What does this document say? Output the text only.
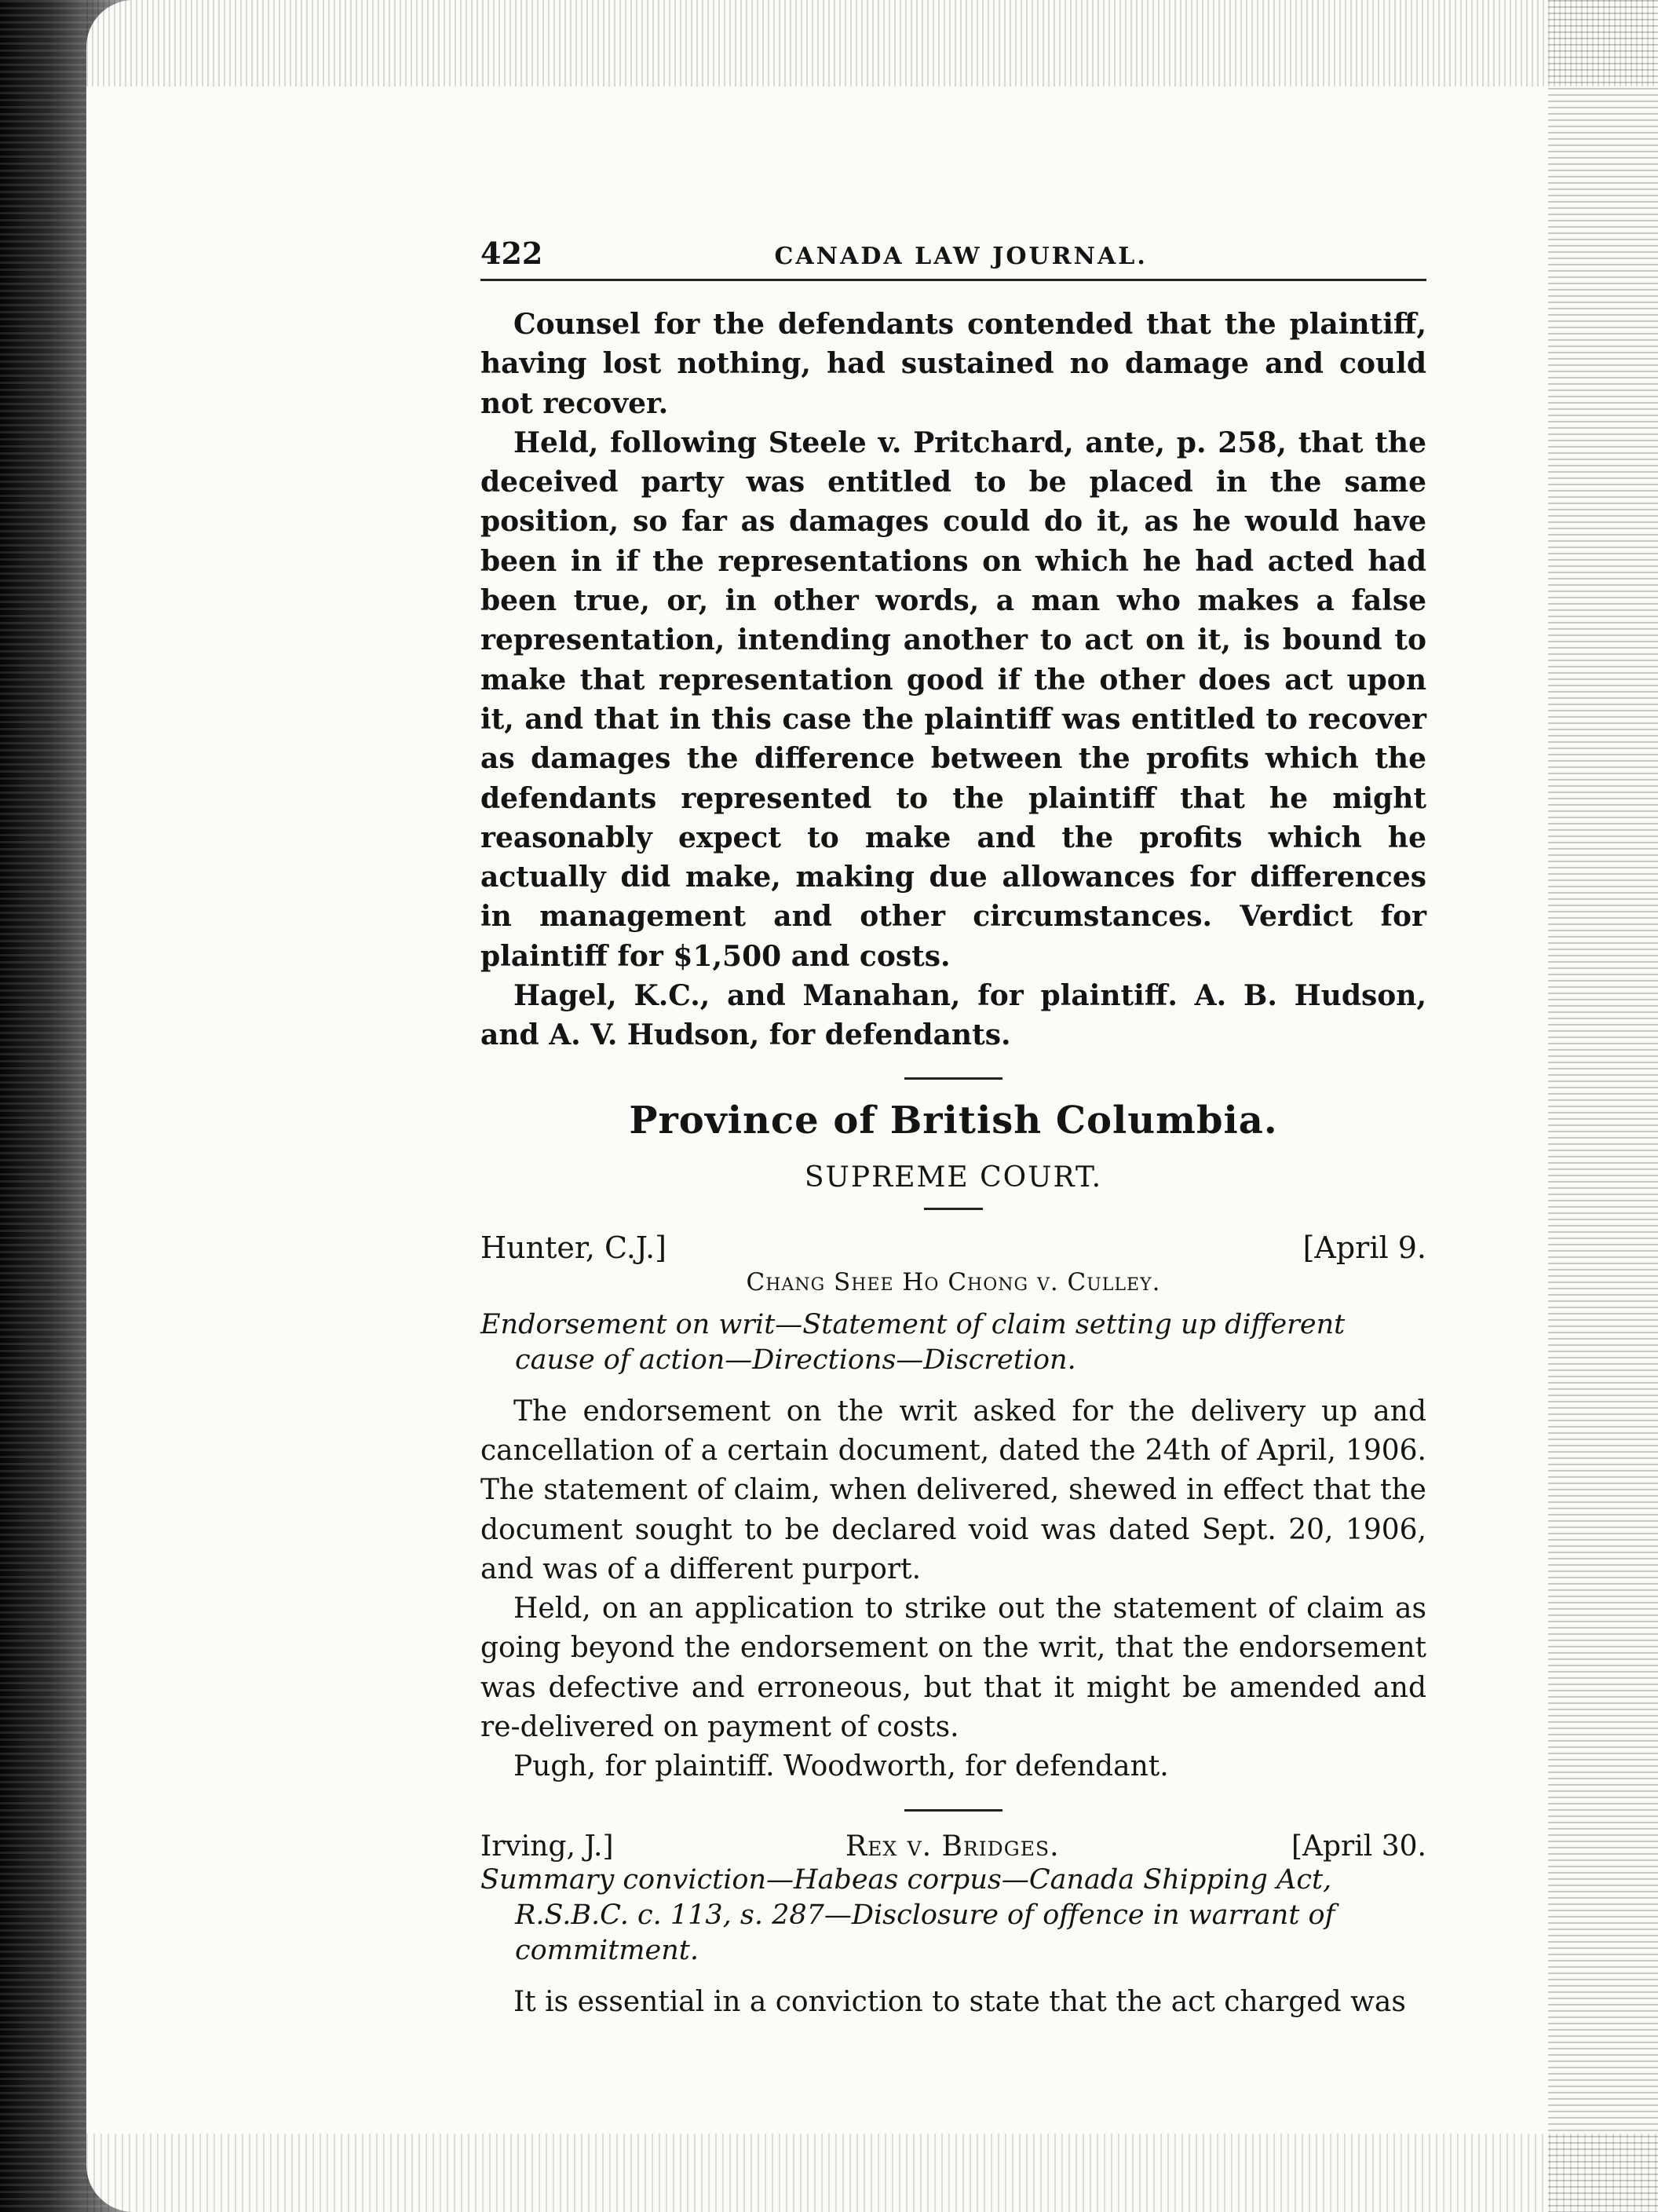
422	CANADA LAW JOURNAL.

Counsel for the defendants contended that the plaintiff, having lost nothing, had sustained no damage and could not recover.

Held, following Steele v. Pritchard, ante, p. 258, that the deceived party was entitled to be placed in the same position, so far as damages could do it, as he would have been in if the representations on which he had acted had been true, or, in other words, a man who makes a false representation, intending another to act on it, is bound to make that representation good if the other does act upon it, and that in this case the plaintiff was entitled to recover as damages the difference between the profits which the defendants represented to the plaintiff that he might reasonably expect to make and the profits which he actually did make, making due allowances for differences in management and other circumstances. Verdict for plaintiff for $1,500 and costs.

Hagel, K.C., and Manahan, for plaintiff. A. B. Hudson, and A. V. Hudson, for defendants.

Province of British Columbia.
SUPREME COURT.
Hunter, C.J.]	[April 9.
Chang Shee Ho Chong v. Culley.

Endorsement on writ—Statement of claim setting up different cause of action—Directions—Discretion.

The endorsement on the writ asked for the delivery up and cancellation of a certain document, dated the 24th of April, 1906. The statement of claim, when delivered, shewed in effect that the document sought to be declared void was dated Sept. 20, 1906, and was of a different purport.

Held, on an application to strike out the statement of claim as going beyond the endorsement on the writ, that the endorsement was defective and erroneous, but that it might be amended and re-delivered on payment of costs.

Pugh, for plaintiff. Woodworth, for defendant.

Irving, J.]	Rex v. Bridges.	[April 30.

Summary conviction—Habeas corpus—Canada Shipping Act, R.S.B.C. c. 113, s. 287—Disclosure of offence in warrant of commitment.

It is essential in a conviction to state that the act charged was
